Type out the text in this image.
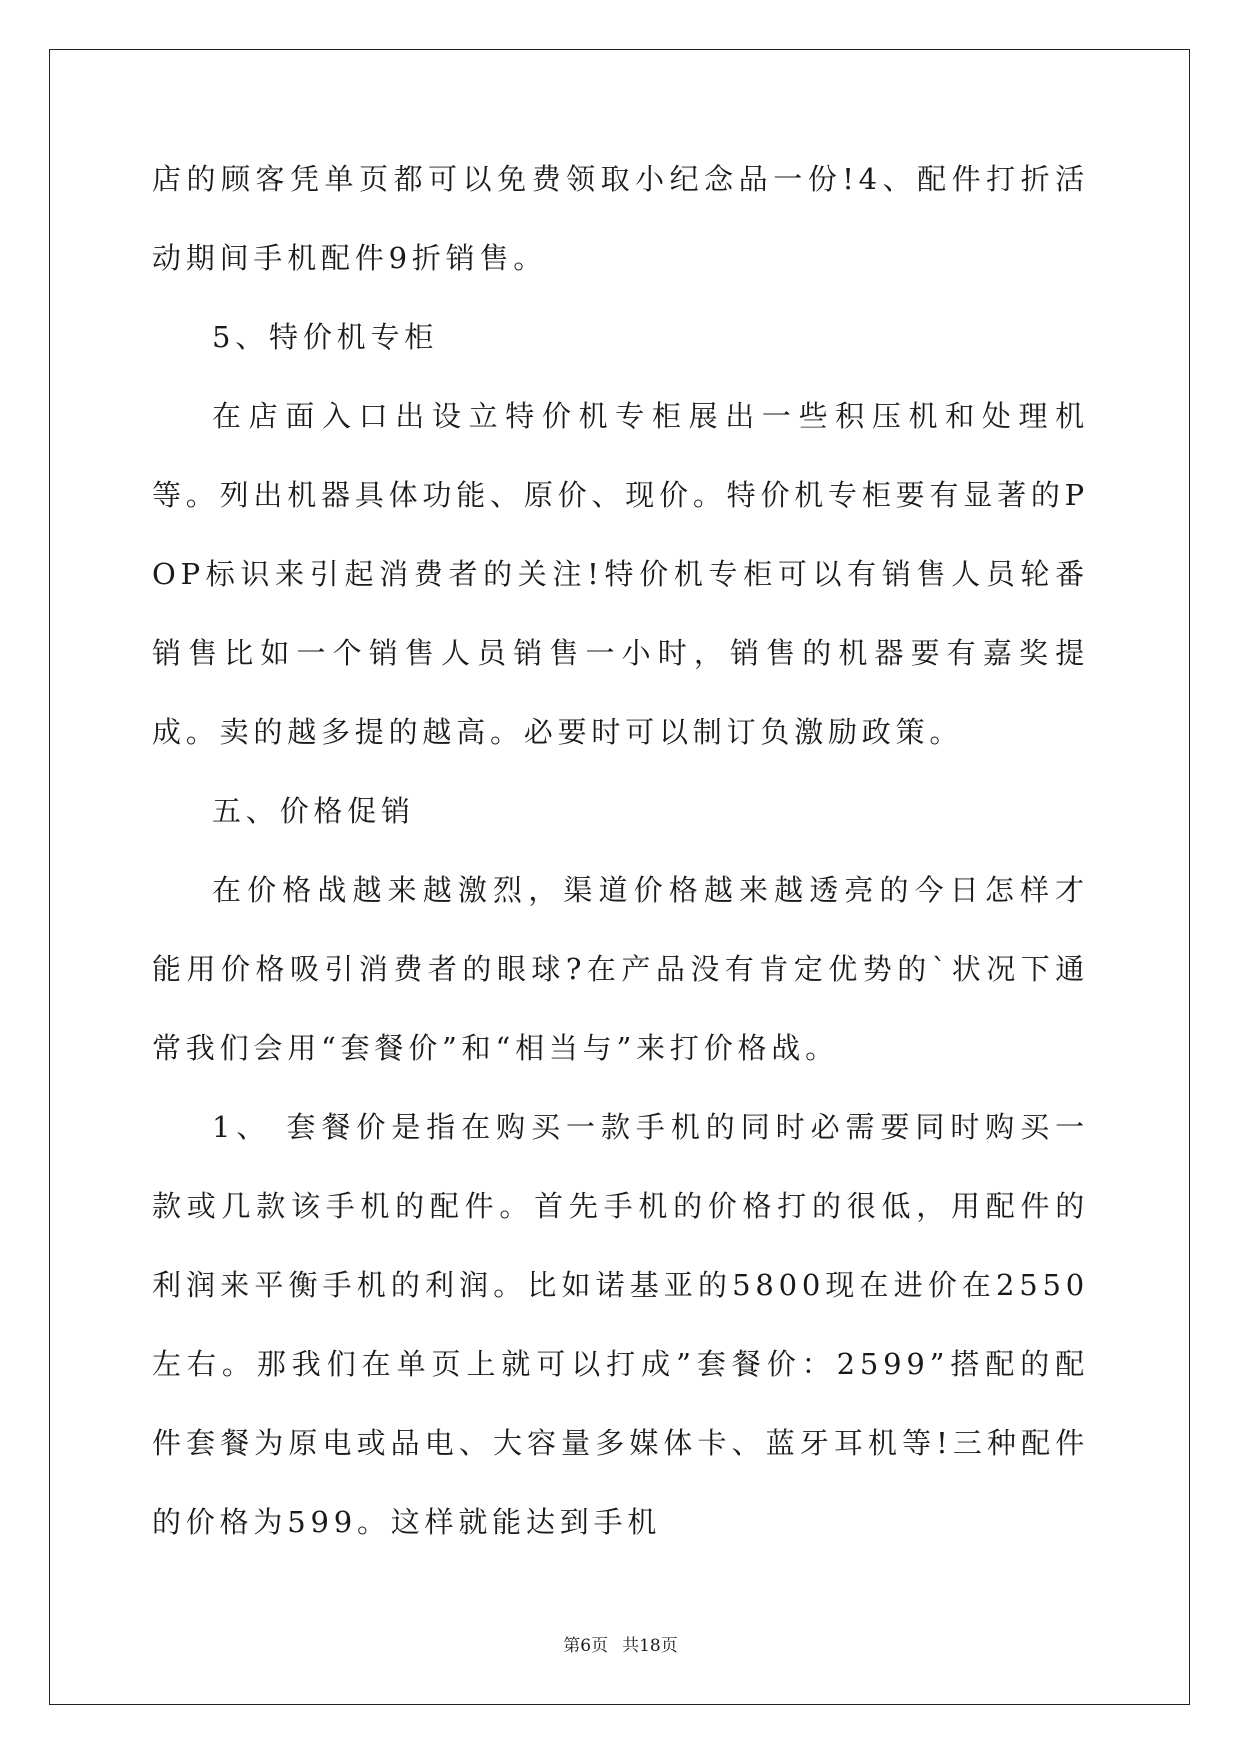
店的顾客凭单页都可以免费领取小纪念品一份!4、配件打折活动期间手机配件9折销售。

5、特价机专柜

在店面入口出设立特价机专柜展出一些积压机和处理机等。列出机器具体功能、原价、现价。特价机专柜要有显著的POP标识来引起消费者的关注!特价机专柜可以有销售人员轮番销售比如一个销售人员销售一小时，销售的机器要有嘉奖提成。卖的越多提的越高。必要时可以制订负激励政策。

五、价格促销

在价格战越来越激烈，渠道价格越来越透亮的今日怎样才能用价格吸引消费者的眼球?在产品没有肯定优势的`状况下通常我们会用“套餐价”和“相当与”来打价格战。

1、 套餐价是指在购买一款手机的同时必需要同时购买一款或几款该手机的配件。首先手机的价格打的很低，用配件的利润来平衡手机的利润。比如诺基亚的5800现在进价在2550左右。那我们在单页上就可以打成”套餐价：2599”搭配的配件套餐为原电或品电、大容量多媒体卡、蓝牙耳机等!三种配件的价格为599。这样就能达到手机

第6页 共18页
